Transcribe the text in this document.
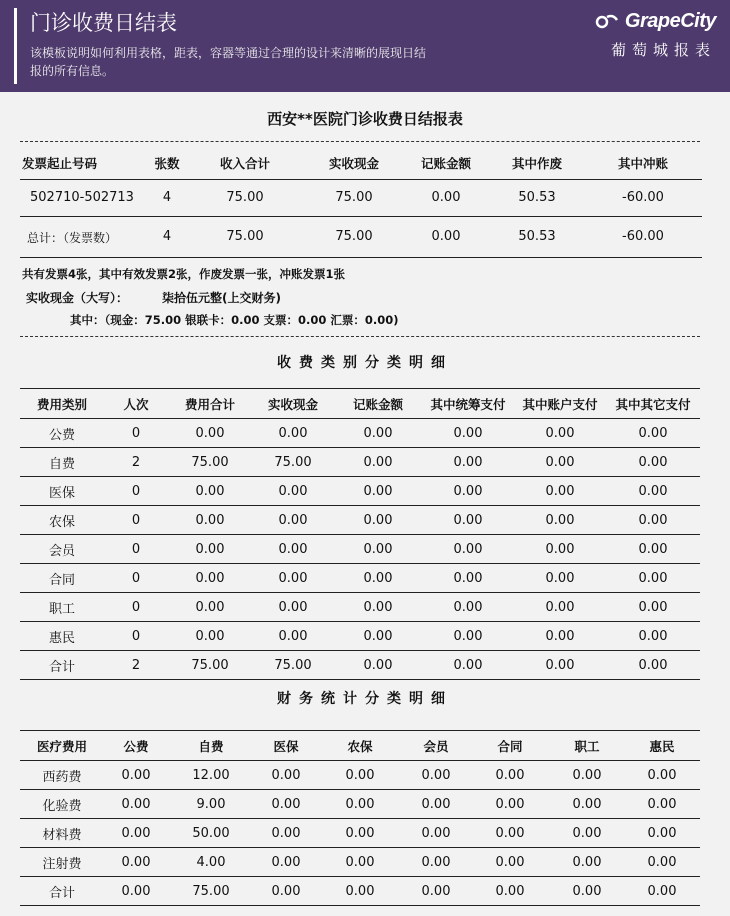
门诊收费日结表
该模板说明如何利用表格，距表，容器等通过合理的设计来清晰的展现日结报的所有信息。
GrapeCity
葡萄城报表
西安**医院门诊收费日结报表
发票起止号码	张数	收入合计	实收现金	记账金额	其中作废	其中冲账
502710-502713 4	75.00	75.00	0.00	50.53	-60.00
总计：（发票数）	4	75.00	75.00	0.00	50.53	-60.00
共有发票4张，其中有效发票2张，作废发票一张，冲账发票1张
实收现金（大写）：	柒拾伍元整(上交财务)
其中：（现金：75.00 银联卡：0.00 支票：0.00 汇票：0.00)
收费类别分类明细
费用类别	人次	费用合计	实收现金	记账金额	其中统筹支付	其中账户支付	其中其它支付
公费	0	0.00	0.00	0.00	0.00	0.00	0.00
自费	2	75.00	75.00	0.00	0.00	0.00	0.00
医保	0	0.00	0.00	0.00	0.00	0.00	0.00
农保	0	0.00	0.00	0.00	0.00	0.00	0.00
会员	0	0.00	0.00	0.00	0.00	0.00	0.00
合同	0	0.00	0.00	0.00	0.00	0.00	0.00
职工	0	0.00	0.00	0.00	0.00	0.00	0.00
惠民	0	0.00	0.00	0.00	0.00	0.00	0.00
合计	2	75.00	75.00	0.00	0.00	0.00	0.00
财务统计分类明细
医疗费用	公费	自费	医保	农保	会员	合同	职工	惠民
西药费	0.00	12.00	0.00	0.00	0.00	0.00	0.00	0.00
化验费	0.00	9.00	0.00	0.00	0.00	0.00	0.00	0.00
材料费	0.00	50.00	0.00	0.00	0.00	0.00	0.00	0.00
注射费	0.00	4.00	0.00	0.00	0.00	0.00	0.00	0.00
合计	0.00	75.00	0.00	0.00	0.00	0.00	0.00	0.00
